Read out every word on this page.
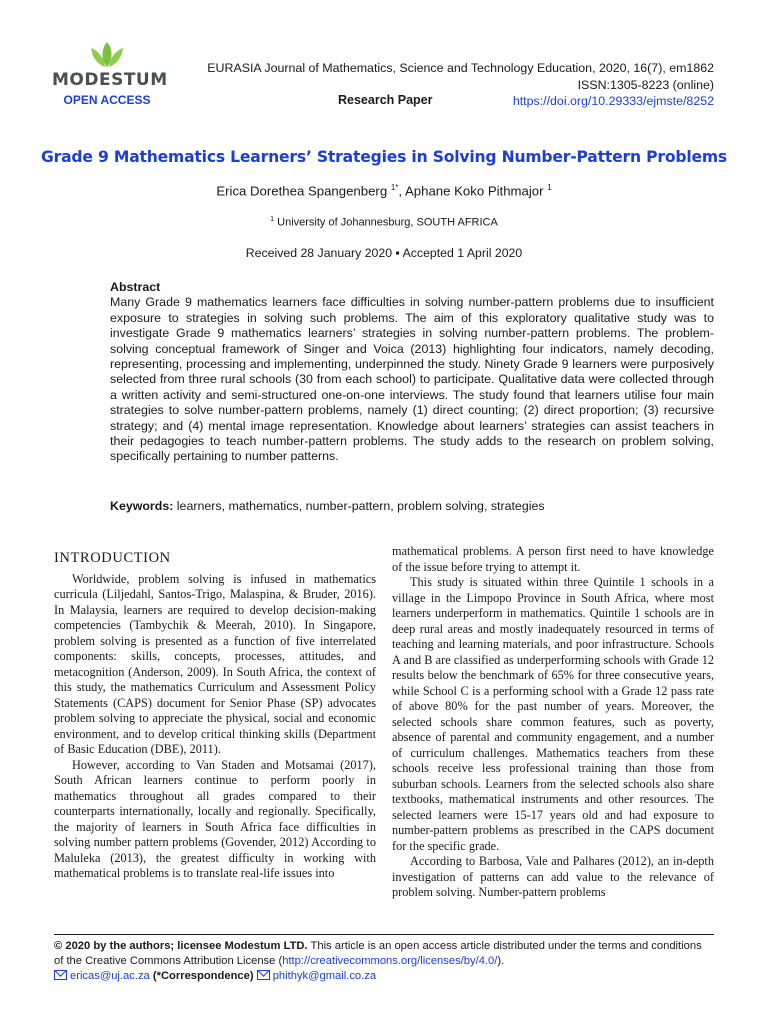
MODESTUM
OPEN ACCESS
EURASIA Journal of Mathematics, Science and Technology Education, 2020, 16(7), em1862
ISSN:1305-8223 (online)
https://doi.org/10.29333/ejmste/8252
Research Paper
Grade 9 Mathematics Learners’ Strategies in Solving Number-Pattern Problems
Erica Dorethea Spangenberg $^{1*}$, Aphane Koko Pithmajor $^1$
$^1$ University of Johannesburg, SOUTH AFRICA
Received 28 January 2020 ▪ Accepted 1 April 2020
Abstract

Many Grade 9 mathematics learners face difficulties in solving number-pattern problems due to insufficient exposure to strategies in solving such problems. The aim of this exploratory qualitative study was to investigate Grade 9 mathematics learners’ strategies in solving number-pattern problems. The problem-solving conceptual framework of Singer and Voica (2013) highlighting four indicators, namely decoding, representing, processing and implementing, underpinned the study. Ninety Grade 9 learners were purposively selected from three rural schools (30 from each school) to participate. Qualitative data were collected through a written activity and semi-structured one-on-one interviews. The study found that learners utilise four main strategies to solve number-pattern problems, namely (1) direct counting; (2) direct proportion; (3) recursive strategy; and (4) mental image representation. Knowledge about learners’ strategies can assist teachers in their pedagogies to teach number-pattern problems. The study adds to the research on problem solving, specifically pertaining to number patterns.

Keywords: learners, mathematics, number-pattern, problem solving, strategies
INTRODUCTION

Worldwide, problem solving is infused in mathematics curricula (Liljedahl, Santos-Trigo, Malaspina, & Bruder, 2016). In Malaysia, learners are required to develop decision-making competencies (Tambychik & Meerah, 2010). In Singapore, problem solving is presented as a function of five interrelated components: skills, concepts, processes, attitudes, and metacognition (Anderson, 2009). In South Africa, the context of this study, the mathematics Curriculum and Assessment Policy Statements (CAPS) document for Senior Phase (SP) advocates problem solving to appreciate the physical, social and economic environment, and to develop critical thinking skills (Department of Basic Education (DBE), 2011).

However, according to Van Staden and Motsamai (2017), South African learners continue to perform poorly in mathematics throughout all grades compared to their counterparts internationally, locally and regionally. Specifically, the majority of learners in South Africa face difficulties in solving number pattern problems (Govender, 2012) According to Maluleka (2013), the greatest difficulty in working with mathematical problems is to translate real-life issues into

mathematical problems. A person first need to have knowledge of the issue before trying to attempt it.

This study is situated within three Quintile 1 schools in a village in the Limpopo Province in South Africa, where most learners underperform in mathematics. Quintile 1 schools are in deep rural areas and mostly inadequately resourced in terms of teaching and learning materials, and poor infrastructure. Schools A and B are classified as underperforming schools with Grade 12 results below the benchmark of 65% for three consecutive years, while School C is a performing school with a Grade 12 pass rate of above 80% for the past number of years. Moreover, the selected schools share common features, such as poverty, absence of parental and community engagement, and a number of curriculum challenges. Mathematics teachers from these schools receive less professional training than those from suburban schools. Learners from the selected schools also share textbooks, mathematical instruments and other resources. The selected learners were 15-17 years old and had exposure to number-pattern problems as prescribed in the CAPS document for the specific grade.

According to Barbosa, Vale and Palhares (2012), an in-depth investigation of patterns can add value to the relevance of problem solving. Number-pattern problems

© 2020 by the authors; licensee Modestum LTD. This article is an open access article distributed under the terms and conditions of the Creative Commons Attribution License (http://creativecommons.org/licenses/by/4.0/).
ericas@uj.ac.za (*Correspondence) phithyk@gmail.co.za
